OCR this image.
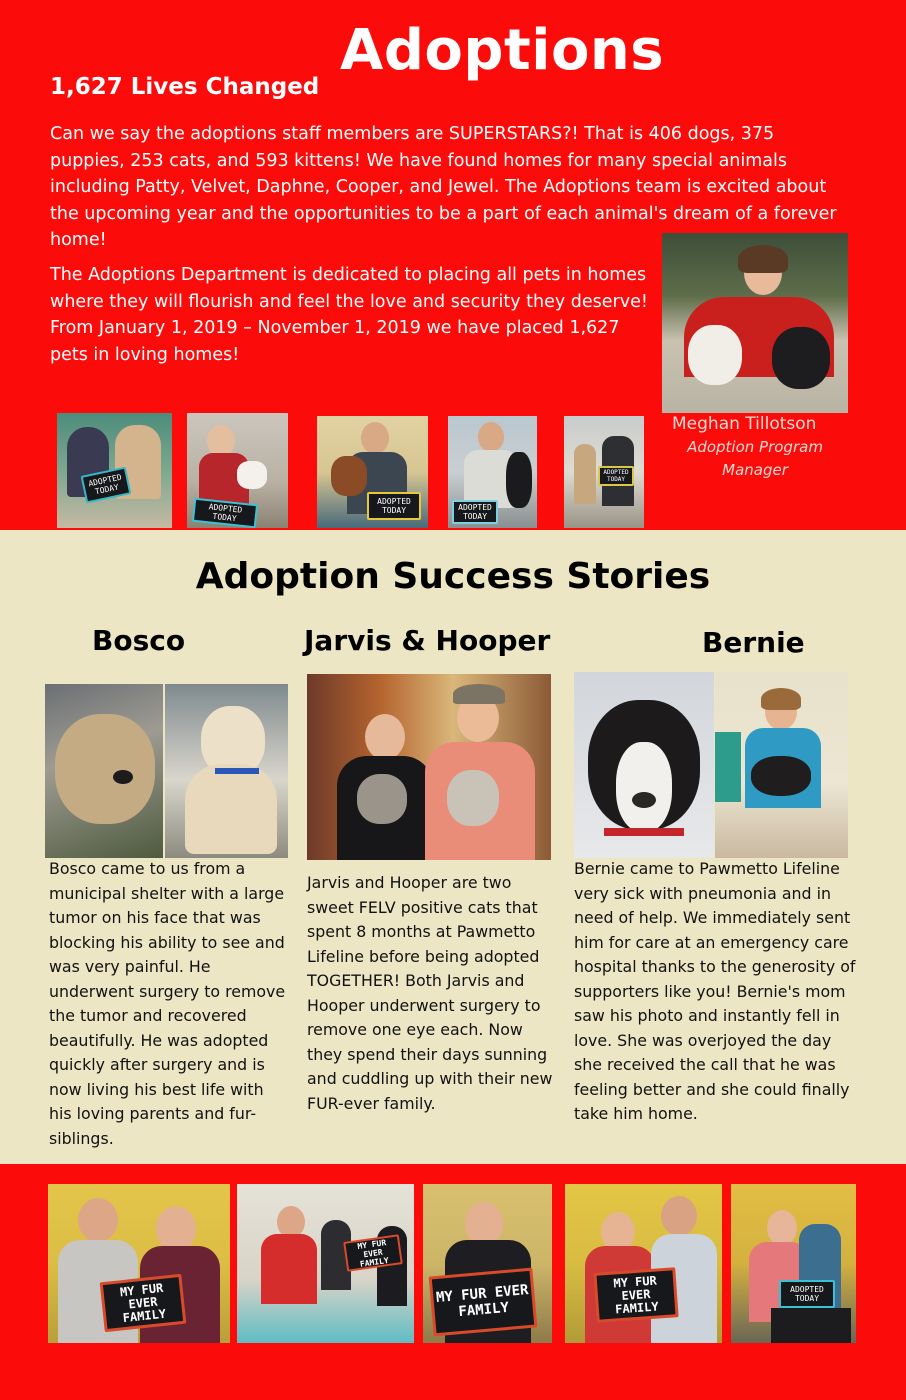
Adoptions
1,627 Lives Changed

Can we say the adoptions staff members are SUPERSTARS?! That is 406 dogs, 375 puppies, 253 cats, and 593 kittens! We have found homes for many special animals including Patty, Velvet, Daphne, Cooper, and Jewel. The Adoptions team is excited about the upcoming year and the opportunities to be a part of each animal's dream of a forever home!

The Adoptions Department is dedicated to placing all pets in homes where they will flourish and feel the love and security they deserve! From January 1, 2019 – November 1, 2019 we have placed 1,627 pets in loving homes!

Meghan Tillotson
Adoption Program Manager
ADOPTED TODAY
ADOPTED TODAY
ADOPTED TODAY	ADOPTED TODAY
ADOPTED TODAY
Adoption Success Stories
Bosco	Jarvis & Hooper	Bernie

Bosco came to us from a municipal shelter with a large tumor on his face that was blocking his ability to see and was very painful. He underwent surgery to remove the tumor and recovered beautifully. He was adopted quickly after surgery and is now living his best life with his loving parents and fur-siblings.

Jarvis and Hooper are two sweet FELV positive cats that spent 8 months at Pawmetto Lifeline before being adopted TOGETHER! Both Jarvis and Hooper underwent surgery to remove one eye each. Now they spend their days sunning and cuddling up with their new FUR-ever family.

Bernie came to Pawmetto Lifeline very sick with pneumonia and in need of help. We immediately sent him for care at an emergency care hospital thanks to the generosity of supporters like you! Bernie's mom saw his photo and instantly fell in love. She was overjoyed the day she received the call that he was feeling better and she could finally take him home.

MY FUR EVER FAMILY
MY FUR EVER FAMILY
MY FUR EVER FAMILY
MY FUR EVER FAMILY
ADOPTED TODAY
